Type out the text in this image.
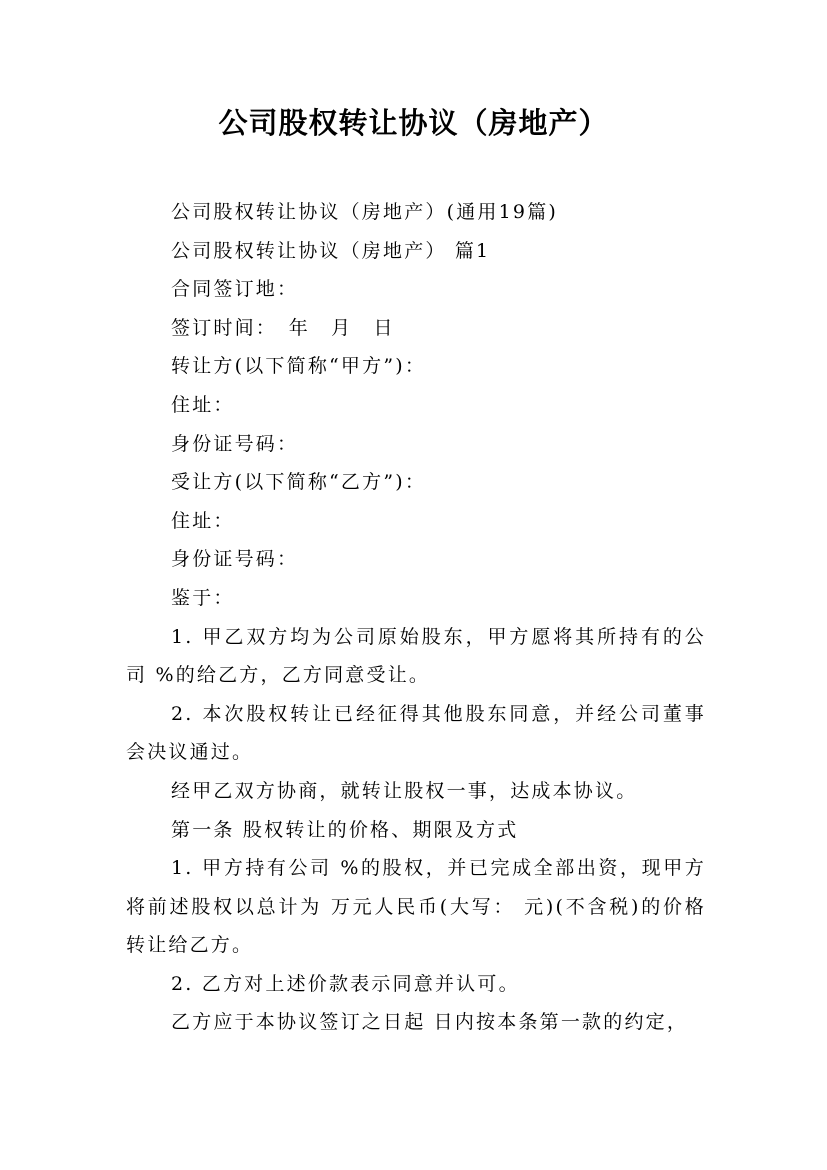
公司股权转让协议（房地产）

公司股权转让协议（房地产）(通用19篇)

公司股权转让协议（房地产） 篇1

合同签订地：

签订时间：　年　月　日

转让方(以下简称“甲方”)：

住址：

身份证号码：

受让方(以下简称“乙方”)：

住址：

身份证号码：

鉴于：

1. 甲乙双方均为公司原始股东，甲方愿将其所持有的公司 %的给乙方，乙方同意受让。

2. 本次股权转让已经征得其他股东同意，并经公司董事会决议通过。

经甲乙双方协商，就转让股权一事，达成本协议。

第一条 股权转让的价格、期限及方式

1. 甲方持有公司 %的股权，并已完成全部出资，现甲方将前述股权以总计为 万元人民币(大写： 元)(不含税)的价格转让给乙方。

2. 乙方对上述价款表示同意并认可。

乙方应于本协议签订之日起 日内按本条第一款的约定，
